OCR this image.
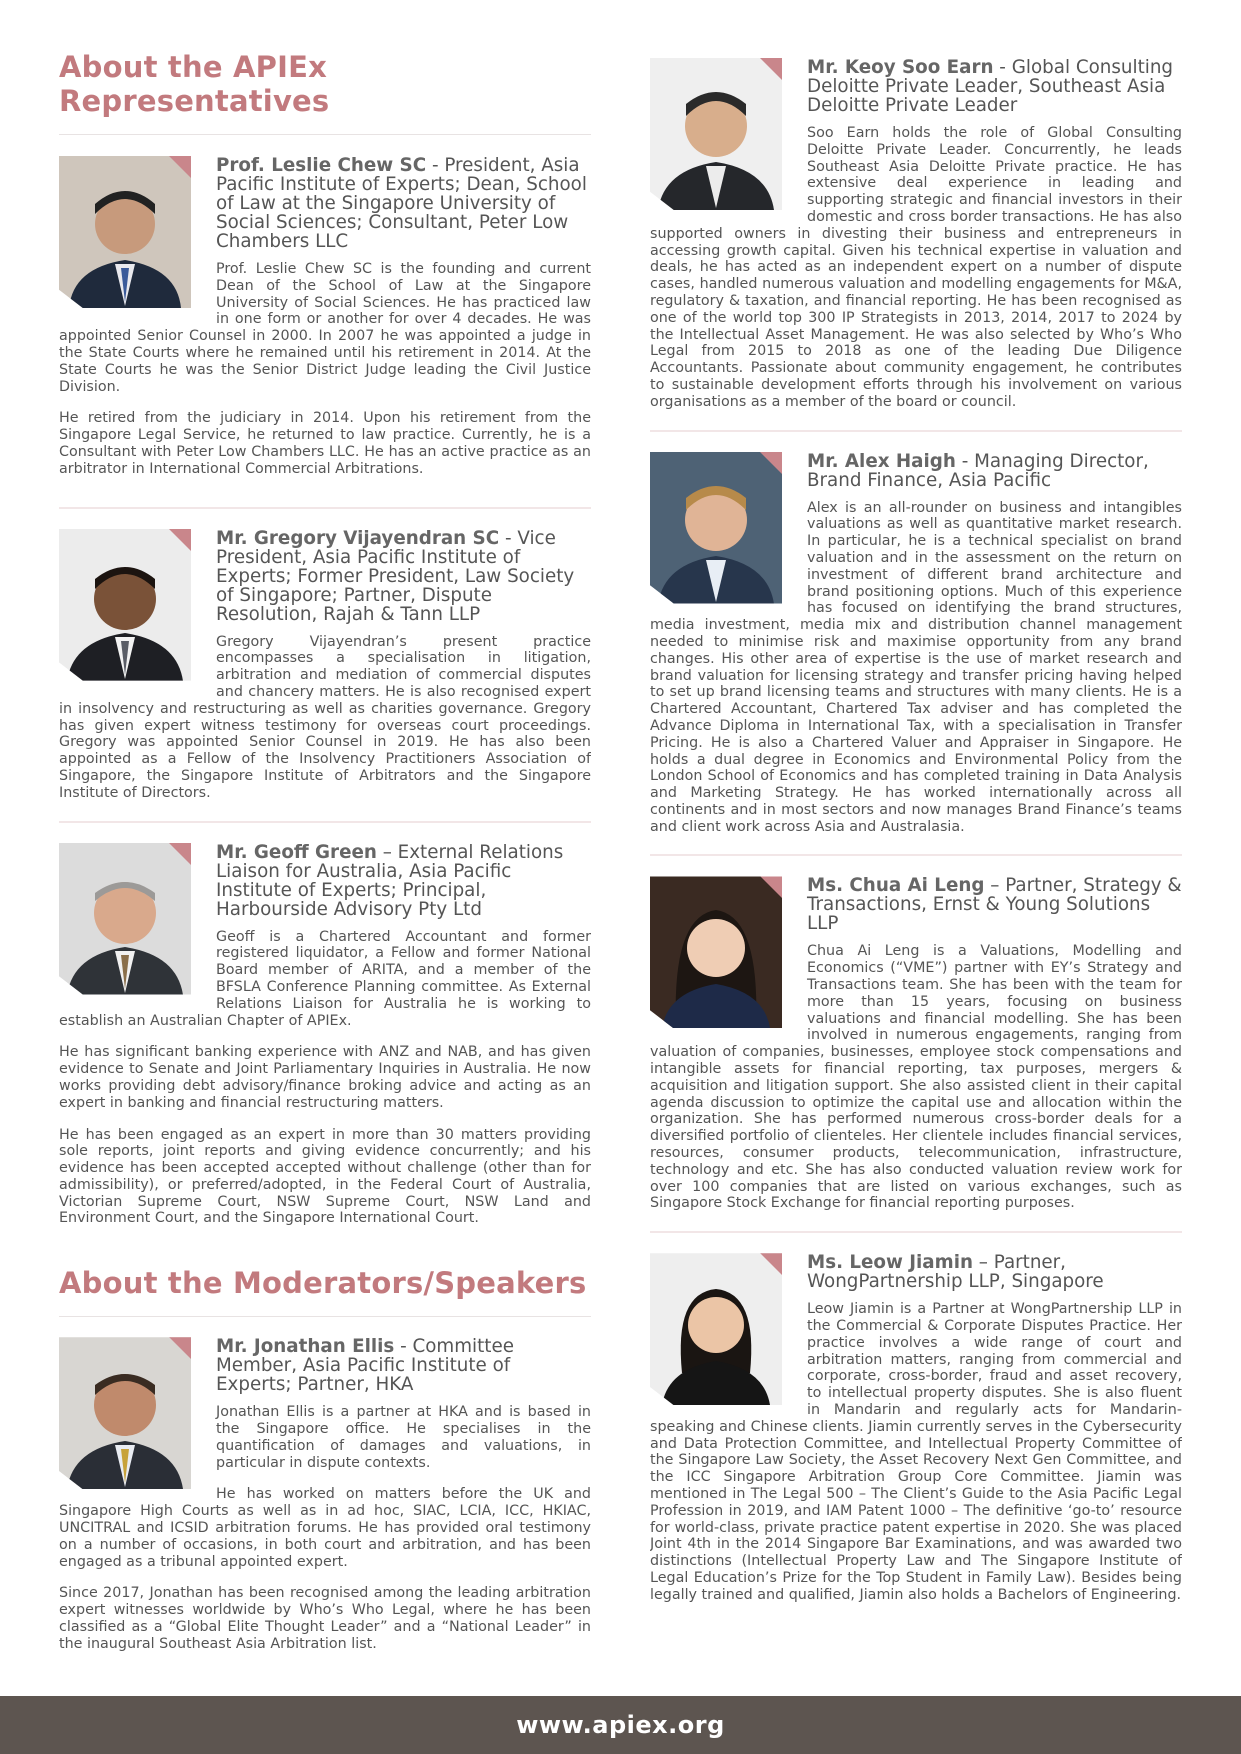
About the APIEx Representatives

Prof. Leslie Chew SC - President, Asia Pacific Institute of Experts; Dean, School of Law at the Singapore University of Social Sciences; Consultant, Peter Low Chambers LLC

Prof. Leslie Chew SC is the founding and current Dean of the School of Law at the Singapore University of Social Sciences. He has practiced law in one form or another for over 4 decades. He was appointed Senior Counsel in 2000. In 2007 he was appointed a judge in the State Courts where he remained until his retirement in 2014. At the State Courts he was the Senior District Judge leading the Civil Justice Division.

He retired from the judiciary in 2014. Upon his retirement from the Singapore Legal Service, he returned to law practice. Currently, he is a Consultant with Peter Low Chambers LLC. He has an active practice as an arbitrator in International Commercial Arbitrations.

Mr. Gregory Vijayendran SC - Vice President, Asia Pacific Institute of Experts; Former President, Law Society of Singapore; Partner, Dispute Resolution, Rajah & Tann LLP

Gregory Vijayendran’s present practice encompasses a specialisation in litigation, arbitration and mediation of commercial disputes and chancery matters. He is also recognised expert in insolvency and restructuring as well as charities governance. Gregory has given expert witness testimony for overseas court proceedings. Gregory was appointed Senior Counsel in 2019. He has also been appointed as a Fellow of the Insolvency Practitioners Association of Singapore, the Singapore Institute of Arbitrators and the Singapore Institute of Directors.

Mr. Geoff Green – External Relations Liaison for Australia, Asia Pacific Institute of Experts; Principal, Harbourside Advisory Pty Ltd

Geoff is a Chartered Accountant and former registered liquidator, a Fellow and former National Board member of ARITA, and a member of the BFSLA Conference Planning committee. As External Relations Liaison for Australia he is working to establish an Australian Chapter of APIEx.

He has significant banking experience with ANZ and NAB, and has given evidence to Senate and Joint Parliamentary Inquiries in Australia. He now works providing debt advisory/finance broking advice and acting as an expert in banking and financial restructuring matters.

He has been engaged as an expert in more than 30 matters providing sole reports, joint reports and giving evidence concurrently; and his evidence has been accepted accepted without challenge (other than for admissibility), or preferred/adopted, in the Federal Court of Australia, Victorian Supreme Court, NSW Supreme Court, NSW Land and Environment Court, and the Singapore International Court.

About the Moderators/Speakers

Mr. Jonathan Ellis - Committee Member, Asia Pacific Institute of Experts; Partner, HKA

Jonathan Ellis is a partner at HKA and is based in the Singapore office. He specialises in the quantification of damages and valuations, in particular in dispute contexts.

He has worked on matters before the UK and Singapore High Courts as well as in ad hoc, SIAC, LCIA, ICC, HKIAC, UNCITRAL and ICSID arbitration forums. He has provided oral testimony on a number of occasions, in both court and arbitration, and has been engaged as a tribunal appointed expert.

Since 2017, Jonathan has been recognised among the leading arbitration expert witnesses worldwide by Who’s Who Legal, where he has been classified as a “Global Elite Thought Leader” and a “National Leader” in the inaugural Southeast Asia Arbitration list.

Mr. Keoy Soo Earn - Global Consulting Deloitte Private Leader, Southeast Asia Deloitte Private Leader

Soo Earn holds the role of Global Consulting Deloitte Private Leader. Concurrently, he leads Southeast Asia Deloitte Private practice. He has extensive deal experience in leading and supporting strategic and financial investors in their domestic and cross border transactions. He has also supported owners in divesting their business and entrepreneurs in accessing growth capital. Given his technical expertise in valuation and deals, he has acted as an independent expert on a number of dispute cases, handled numerous valuation and modelling engagements for M&A, regulatory & taxation, and financial reporting. He has been recognised as one of the world top 300 IP Strategists in 2013, 2014, 2017 to 2024 by the Intellectual Asset Management. He was also selected by Who’s Who Legal from 2015 to 2018 as one of the leading Due Diligence Accountants. Passionate about community engagement, he contributes to sustainable development efforts through his involvement on various organisations as a member of the board or council.

Mr. Alex Haigh - Managing Director, Brand Finance, Asia Pacific

Alex is an all-rounder on business and intangibles valuations as well as quantitative market research. In particular, he is a technical specialist on brand valuation and in the assessment on the return on investment of different brand architecture and brand positioning options. Much of this experience has focused on identifying the brand structures, media investment, media mix and distribution channel management needed to minimise risk and maximise opportunity from any brand changes. His other area of expertise is the use of market research and brand valuation for licensing strategy and transfer pricing having helped to set up brand licensing teams and structures with many clients. He is a Chartered Accountant, Chartered Tax adviser and has completed the Advance Diploma in International Tax, with a specialisation in Transfer Pricing. He is also a Chartered Valuer and Appraiser in Singapore. He holds a dual degree in Economics and Environmental Policy from the London School of Economics and has completed training in Data Analysis and Marketing Strategy. He has worked internationally across all continents and in most sectors and now manages Brand Finance’s teams and client work across Asia and Australasia.

Ms. Chua Ai Leng – Partner, Strategy & Transactions, Ernst & Young Solutions LLP

Chua Ai Leng is a Valuations, Modelling and Economics (“VME”) partner with EY’s Strategy and Transactions team. She has been with the team for more than 15 years, focusing on business valuations and financial modelling. She has been involved in numerous engagements, ranging from valuation of companies, businesses, employee stock compensations and intangible assets for financial reporting, tax purposes, mergers & acquisition and litigation support. She also assisted client in their capital agenda discussion to optimize the capital use and allocation within the organization. She has performed numerous cross-border deals for a diversified portfolio of clienteles. Her clientele includes financial services, resources, consumer products, telecommunication, infrastructure, technology and etc. She has also conducted valuation review work for over 100 companies that are listed on various exchanges, such as Singapore Stock Exchange for financial reporting purposes.

Ms. Leow Jiamin – Partner, WongPartnership LLP, Singapore

Leow Jiamin is a Partner at WongPartnership LLP in the Commercial & Corporate Disputes Practice. Her practice involves a wide range of court and arbitration matters, ranging from commercial and corporate, cross-border, fraud and asset recovery, to intellectual property disputes. She is also fluent in Mandarin and regularly acts for Mandarin-speaking and Chinese clients. Jiamin currently serves in the Cybersecurity and Data Protection Committee, and Intellectual Property Committee of the Singapore Law Society, the Asset Recovery Next Gen Committee, and the ICC Singapore Arbitration Group Core Committee. Jiamin was mentioned in The Legal 500 – The Client’s Guide to the Asia Pacific Legal Profession in 2019, and IAM Patent 1000 – The definitive ‘go-to’ resource for world-class, private practice patent expertise in 2020. She was placed Joint 4th in the 2014 Singapore Bar Examinations, and was awarded two distinctions (Intellectual Property Law and The Singapore Institute of Legal Education’s Prize for the Top Student in Family Law). Besides being legally trained and qualified, Jiamin also holds a Bachelors of Engineering.

www.apiex.org
